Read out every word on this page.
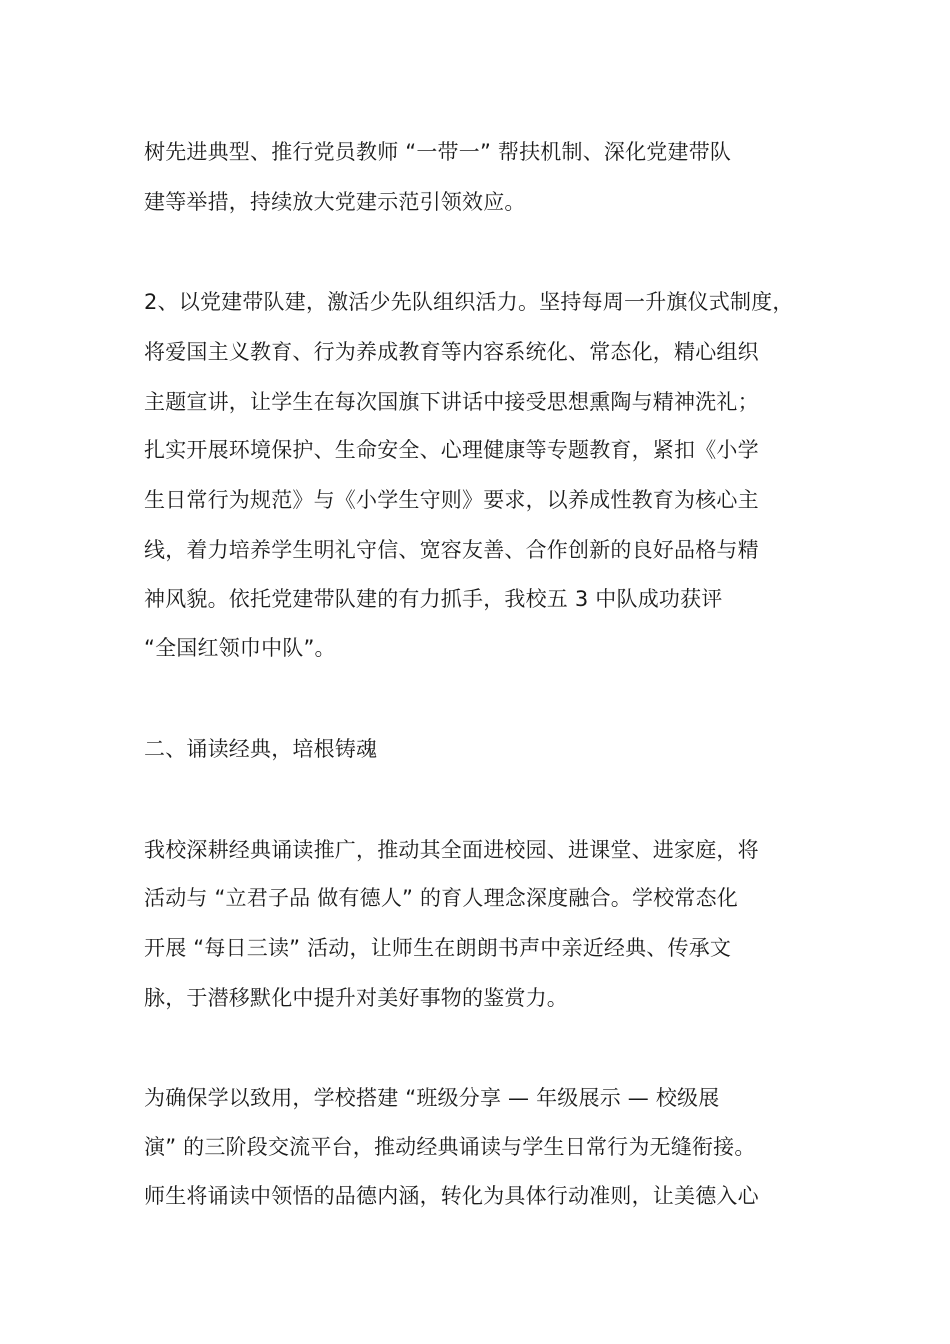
树先进典型、推行党员教师 “一带一” 帮扶机制、深化党建带队
建等举措，持续放大党建示范引领效应。
2、以党建带队建，激活少先队组织活力。坚持每周一升旗仪式制度，
将爱国主义教育、行为养成教育等内容系统化、常态化，精心组织
主题宣讲，让学生在每次国旗下讲话中接受思想熏陶与精神洗礼；
扎实开展环境保护、生命安全、心理健康等专题教育，紧扣《小学
生日常行为规范》与《小学生守则》要求，以养成性教育为核心主
线，着力培养学生明礼守信、宽容友善、合作创新的良好品格与精
神风貌。依托党建带队建的有力抓手，我校五 3 中队成功获评
“全国红领巾中队”。
二、诵读经典，培根铸魂
我校深耕经典诵读推广，推动其全面进校园、进课堂、进家庭，将
活动与 “立君子品 做有德人” 的育人理念深度融合。学校常态化
开展 “每日三读” 活动，让师生在朗朗书声中亲近经典、传承文
脉，于潜移默化中提升对美好事物的鉴赏力。
为确保学以致用，学校搭建 “班级分享 — 年级展示 — 校级展
演” 的三阶段交流平台，推动经典诵读与学生日常行为无缝衔接。
师生将诵读中领悟的品德内涵，转化为具体行动准则，让美德入心
